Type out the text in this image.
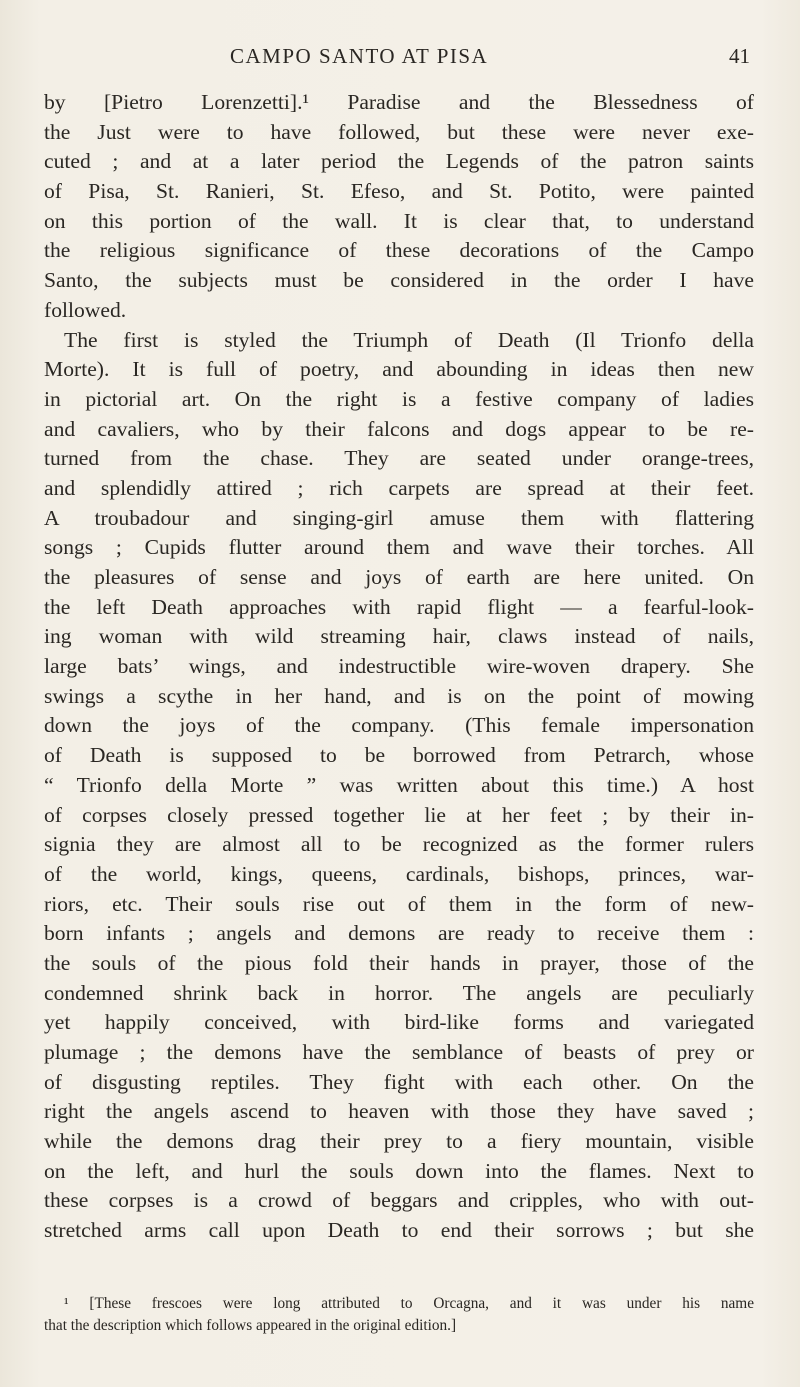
CAMPO SANTO AT PISA	41
by [Pietro Lorenzetti].¹ Paradise and the Blessedness of
the Just were to have followed, but these were never exe-
cuted ; and at a later period the Legends of the patron saints
of Pisa, St. Ranieri, St. Efeso, and St. Potito, were painted
on this portion of the wall. It is clear that, to understand
the religious significance of these decorations of the Campo
Santo, the subjects must be considered in the order I have
followed.
The first is styled the Triumph of Death (Il Trionfo della
Morte). It is full of poetry, and abounding in ideas then new
in pictorial art. On the right is a festive company of ladies
and cavaliers, who by their falcons and dogs appear to be re-
turned from the chase. They are seated under orange-trees,
and splendidly attired ; rich carpets are spread at their feet.
A troubadour and singing-girl amuse them with flattering
songs ; Cupids flutter around them and wave their torches. All
the pleasures of sense and joys of earth are here united. On
the left Death approaches with rapid flight — a fearful-look-
ing woman with wild streaming hair, claws instead of nails,
large bats’ wings, and indestructible wire-woven drapery. She
swings a scythe in her hand, and is on the point of mowing
down the joys of the company. (This female impersonation
of Death is supposed to be borrowed from Petrarch, whose
“ Trionfo della Morte ” was written about this time.) A host
of corpses closely pressed together lie at her feet ; by their in-
signia they are almost all to be recognized as the former rulers
of the world, kings, queens, cardinals, bishops, princes, war-
riors, etc. Their souls rise out of them in the form of new-
born infants ; angels and demons are ready to receive them :
the souls of the pious fold their hands in prayer, those of the
condemned shrink back in horror. The angels are peculiarly
yet happily conceived, with bird-like forms and variegated
plumage ; the demons have the semblance of beasts of prey or
of disgusting reptiles. They fight with each other. On the
right the angels ascend to heaven with those they have saved ;
while the demons drag their prey to a fiery mountain, visible
on the left, and hurl the souls down into the flames. Next to
these corpses is a crowd of beggars and cripples, who with out-
stretched arms call upon Death to end their sorrows ; but she
¹ [These frescoes were long attributed to Orcagna, and it was under his name
that the description which follows appeared in the original edition.]
